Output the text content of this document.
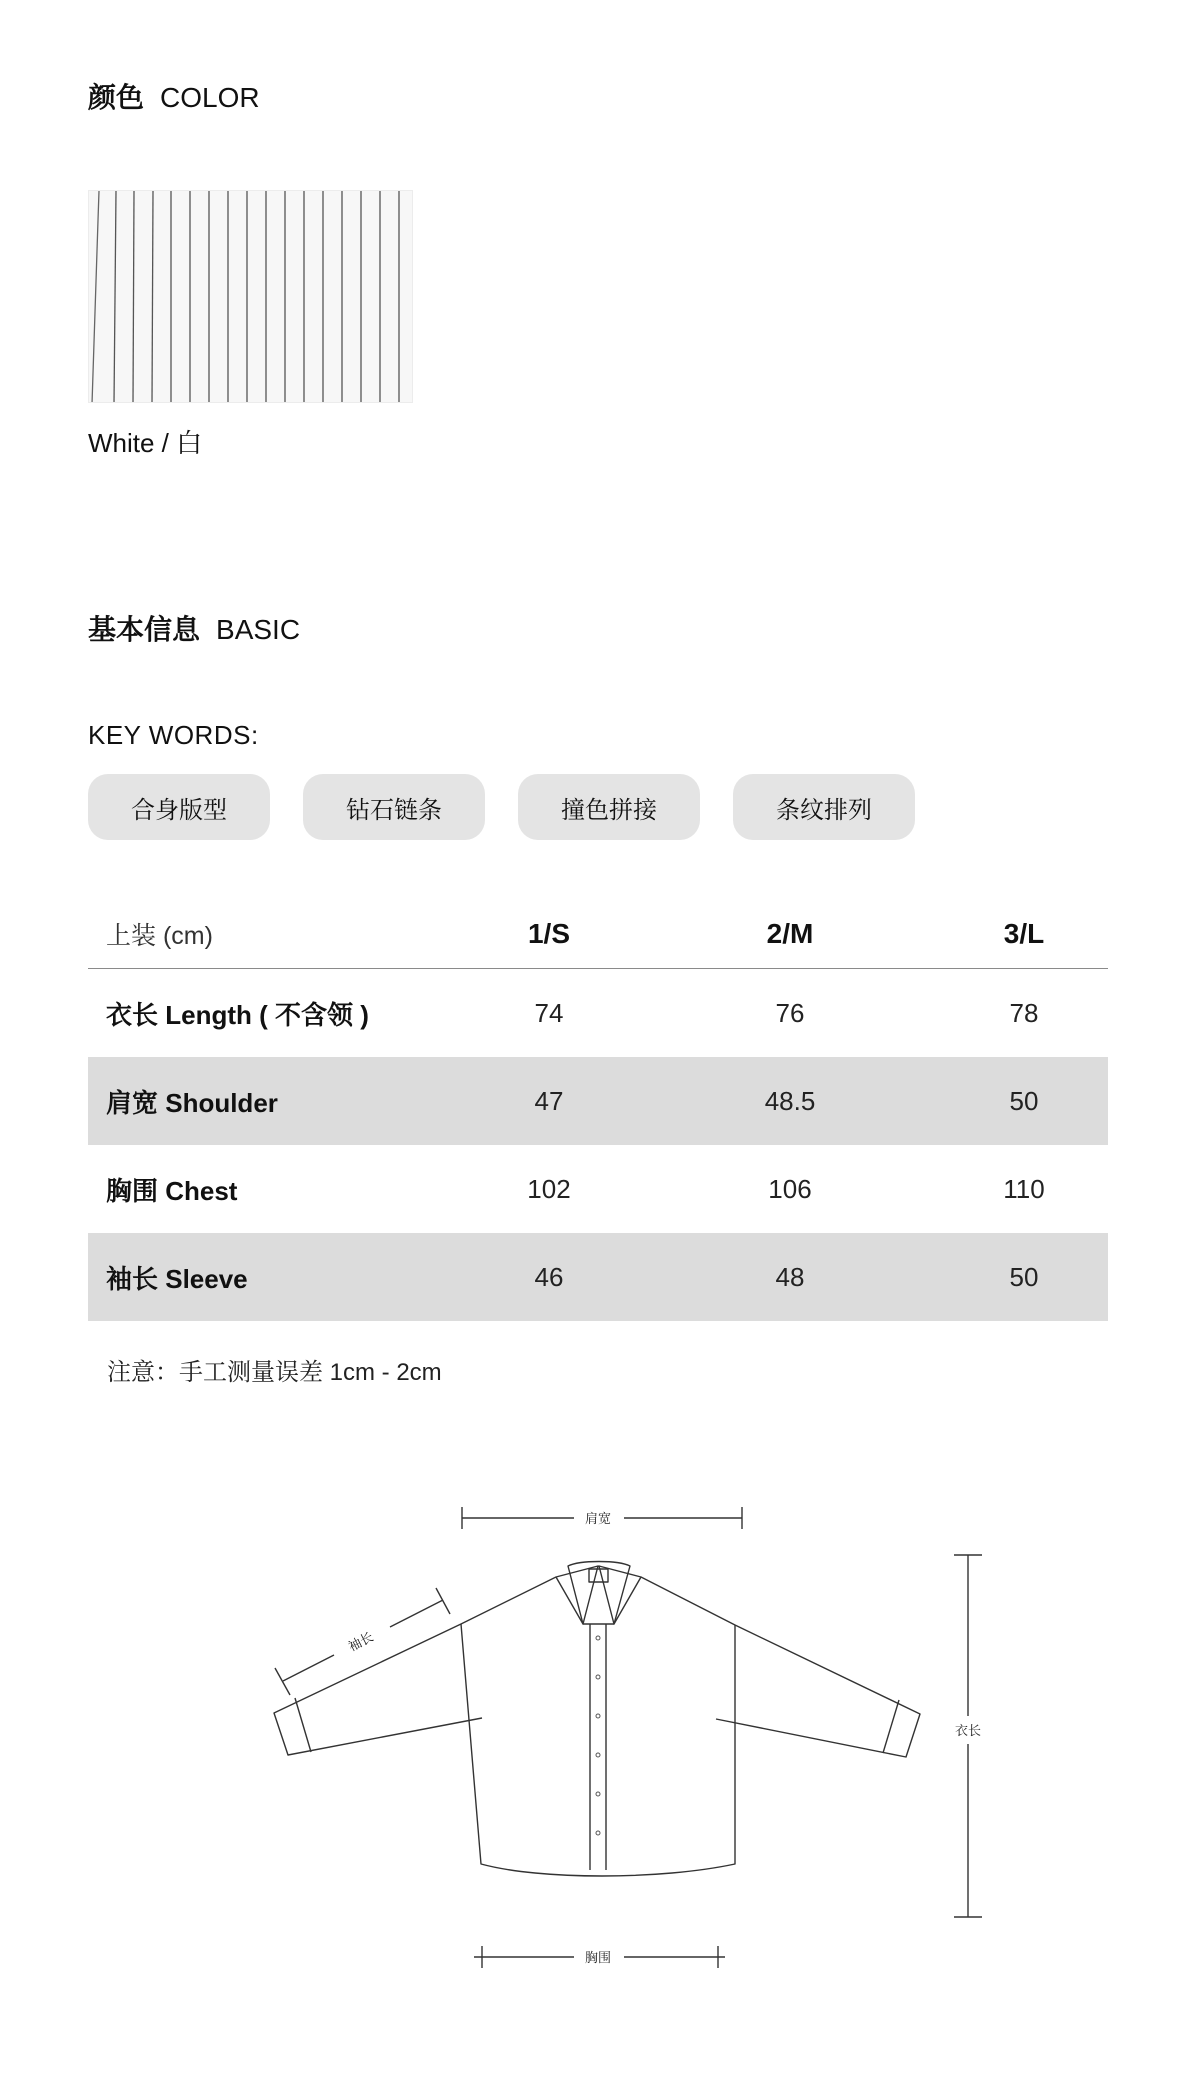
颜色 COLOR
White / 白
基本信息 BASIC
KEY WORDS:
合身版型	钻石链条	撞色拼接	条纹排列
上装 (cm)	1/S	2/M	3/L
衣长 Length ( 不含领 )	74	76	78
肩宽 Shoulder	47	48.5	50
胸围 Chest	102	106	110
袖长 Sleeve	46	48	50
注意：手工测量误差 1cm - 2cm
肩宽
袖长
衣长
胸围
